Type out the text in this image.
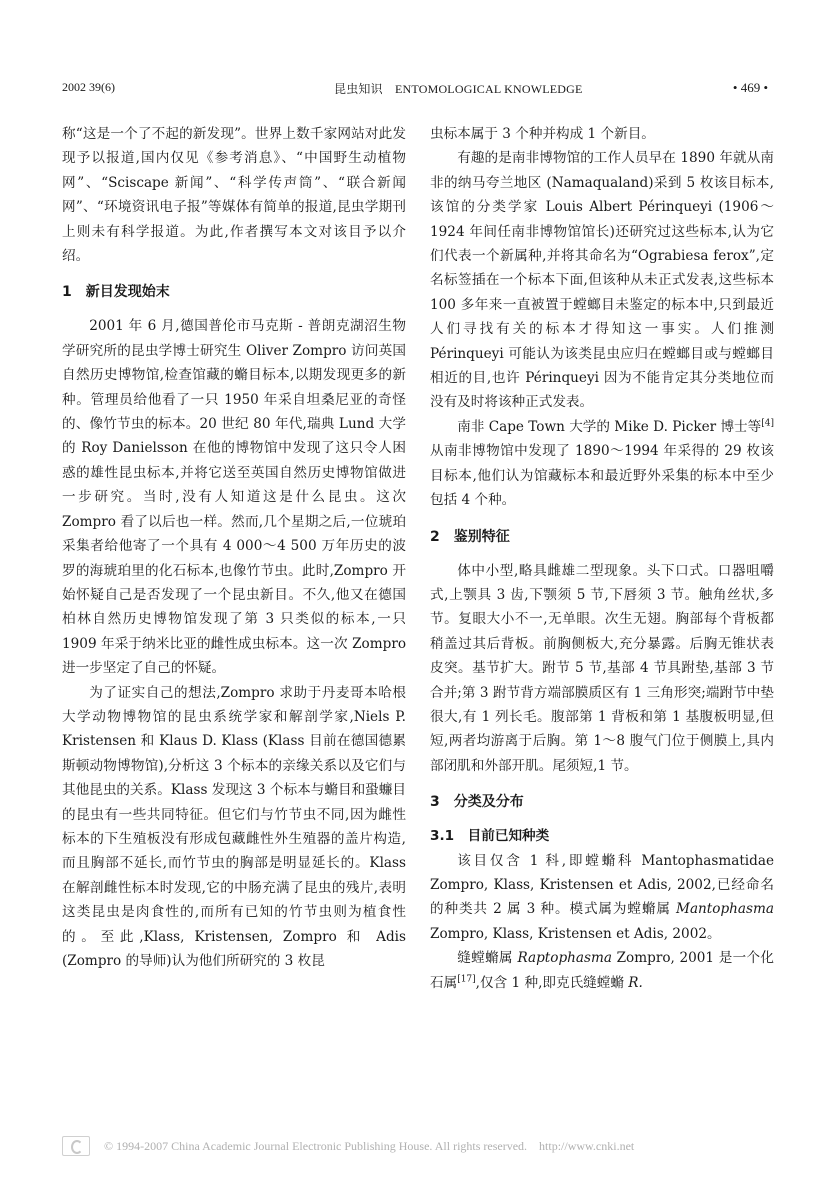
2002 39(6)	昆虫知识　ENTOMOLOGICAL KNOWLEDGE	• 469 •

称“这是一个了不起的新发现”。世界上数千家网站对此发现予以报道,国内仅见《参考消息》、“中国野生动植物网”、“Sciscape 新闻”、“科学传声筒”、“联合新闻网”、“环境资讯电子报”等媒体有简单的报道,昆虫学期刊上则未有科学报道。为此,作者撰写本文对该目予以介绍。

1　新目发现始末

2001 年 6 月,德国普伦市马克斯 - 普朗克湖沼生物学研究所的昆虫学博士研究生 Oliver Zompro 访问英国自然历史博物馆,检查馆藏的䗛目标本,以期发现更多的新种。管理员给他看了一只 1950 年采自坦桑尼亚的奇怪的、像竹节虫的标本。20 世纪 80 年代,瑞典 Lund 大学的 Roy Danielsson 在他的博物馆中发现了这只令人困惑的雄性昆虫标本,并将它送至英国自然历史博物馆做进一步研究。当时,没有人知道这是什么昆虫。这次 Zompro 看了以后也一样。然而,几个星期之后,一位琥珀采集者给他寄了一个具有 4 000～4 500 万年历史的波罗的海琥珀里的化石标本,也像竹节虫。此时,Zompro 开始怀疑自己是否发现了一个昆虫新目。不久,他又在德国柏林自然历史博物馆发现了第 3 只类似的标本,一只 1909 年采于纳米比亚的雌性成虫标本。这一次 Zompro 进一步坚定了自己的怀疑。

为了证实自己的想法,Zompro 求助于丹麦哥本哈根大学动物博物馆的昆虫系统学家和解剖学家,Niels P. Kristensen 和 Klaus D. Klass (Klass 目前在德国德累斯顿动物博物馆),分析这 3 个标本的亲缘关系以及它们与其他昆虫的关系。Klass 发现这 3 个标本与䗛目和蛩蠊目的昆虫有一些共同特征。但它们与竹节虫不同,因为雌性标本的下生殖板没有形成包藏雌性外生殖器的盖片构造,而且胸部不延长,而竹节虫的胸部是明显延长的。Klass 在解剖雌性标本时发现,它的中肠充满了昆虫的残片,表明这类昆虫是肉食性的,而所有已知的竹节虫则为植食性的。至此,Klass, Kristensen, Zompro 和 Adis (Zompro 的导师)认为他们所研究的 3 枚昆

虫标本属于 3 个种并构成 1 个新目。

有趣的是南非博物馆的工作人员早在 1890 年就从南非的纳马夸兰地区 (Namaqualand)采到 5 枚该目标本,该馆的分类学家 Louis Albert Périnqueyi (1906～1924 年间任南非博物馆馆长)还研究过这些标本,认为它们代表一个新属种,并将其命名为“Ograbiesa ferox”,定名标签插在一个标本下面,但该种从未正式发表,这些标本 100 多年来一直被置于螳螂目未鉴定的标本中,只到最近人们寻找有关的标本才得知这一事实。人们推测 Périnqueyi 可能认为该类昆虫应归在螳螂目或与螳螂目相近的目,也许 Périnqueyi 因为不能肯定其分类地位而没有及时将该种正式发表。

南非 Cape Town 大学的 Mike D. Picker 博士等[4]从南非博物馆中发现了 1890～1994 年采得的 29 枚该目标本,他们认为馆藏标本和最近野外采集的标本中至少包括 4 个种。

2　鉴别特征

体中小型,略具雌雄二型现象。头下口式。口器咀嚼式,上颚具 3 齿,下颚须 5 节,下唇须 3 节。触角丝状,多节。复眼大小不一,无单眼。次生无翅。胸部每个背板都稍盖过其后背板。前胸侧板大,充分暴露。后胸无锥状表皮突。基节扩大。跗节 5 节,基部 4 节具跗垫,基部 3 节合并;第 3 跗节背方端部膜质区有 1 三角形突;端跗节中垫很大,有 1 列长毛。腹部第 1 背板和第 1 基腹板明显,但短,两者均游离于后胸。第 1～8 腹气门位于侧膜上,具内部闭肌和外部开肌。尾须短,1 节。

3　分类及分布
3.1　目前已知种类

该目仅含 1 科,即螳䗛科 Mantophasmatidae Zompro, Klass, Kristensen et Adis, 2002,已经命名的种类共 2 属 3 种。模式属为螳䗛属 Mantophasma Zompro, Klass, Kristensen et Adis, 2002。

缝螳䗛属 Raptophasma Zompro, 2001 是一个化石属[17],仅含 1 种,即克氏缝螳䗛 R.

© 1994-2007 China Academic Journal Electronic Publishing House. All rights reserved.　http://www.cnki.net
